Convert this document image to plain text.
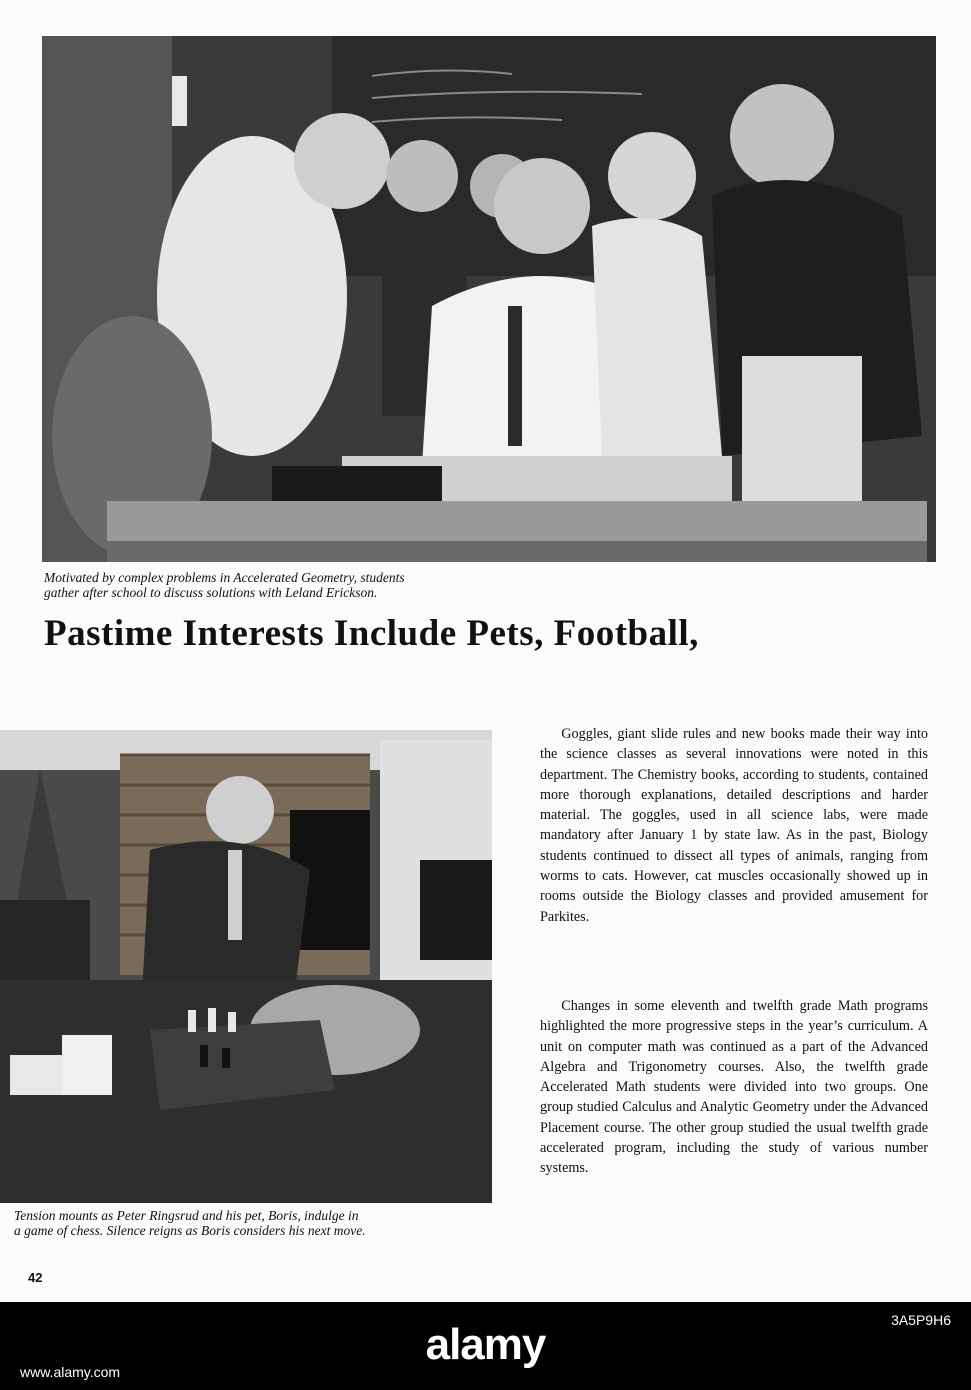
Motivated by complex problems in Accelerated Geometry, students
gather after school to discuss solutions with Leland Erickson.
Pastime Interests Include Pets, Football,
Tension mounts as Peter Ringsrud and his pet, Boris, indulge in
a game of chess. Silence reigns as Boris considers his next move.

Goggles, giant slide rules and new books made their way into the science classes as several innovations were noted in this department. The Chemistry books, according to students, contained more thorough explanations, detailed descriptions and harder material. The goggles, used in all science labs, were made mandatory after January 1 by state law. As in the past, Biology students continued to dissect all types of animals, ranging from worms to cats. However, cat muscles occasionally showed up in rooms outside the Biology classes and provided amusement for Parkites.

Changes in some eleventh and twelfth grade Math programs highlighted the more progressive steps in the year’s curriculum. A unit on computer math was continued as a part of the Advanced Algebra and Trigonometry courses. Also, the twelfth grade Accelerated Math students were divided into two groups. One group studied Calculus and Analytic Geometry under the Advanced Placement course. The other group studied the usual twelfth grade accelerated program, including the study of various number systems.

42
3A5P9H6
alamy
www.alamy.com
